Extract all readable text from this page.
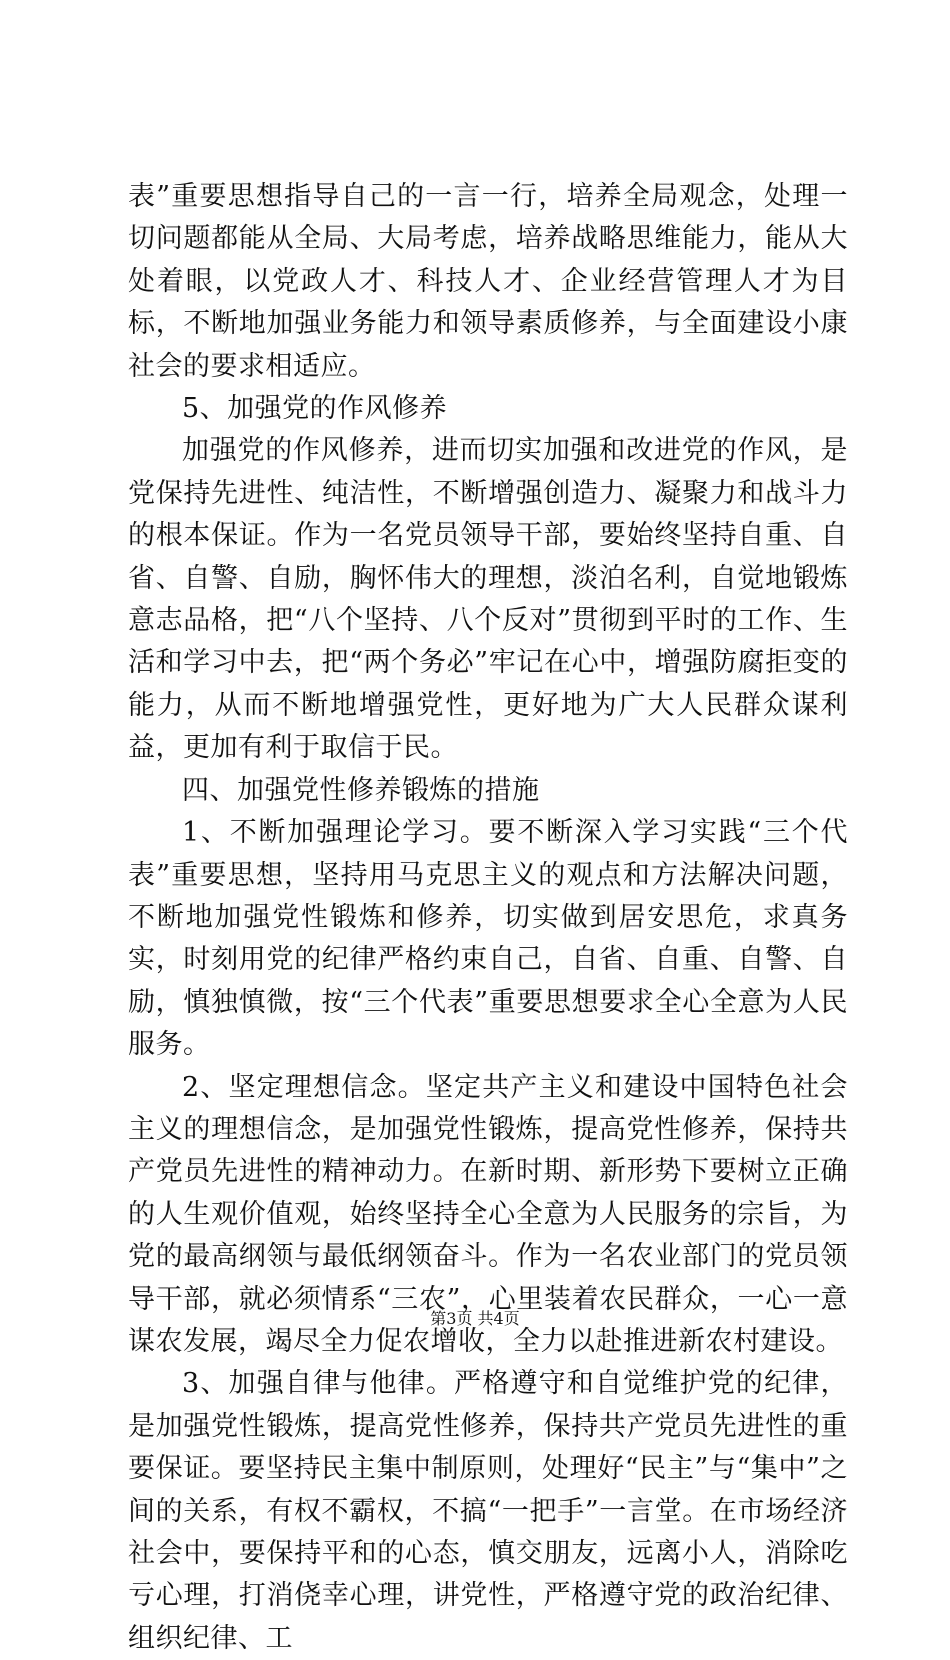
表”重要思想指导自己的一言一行，培养全局观念，处理一切问题都能从全局、大局考虑，培养战略思维能力，能从大处着眼，以党政人才、科技人才、企业经营管理人才为目标，不断地加强业务能力和领导素质修养，与全面建设小康社会的要求相适应。

5、加强党的作风修养

加强党的作风修养，进而切实加强和改进党的作风，是党保持先进性、纯洁性，不断增强创造力、凝聚力和战斗力的根本保证。作为一名党员领导干部，要始终坚持自重、自省、自警、自励，胸怀伟大的理想，淡泊名利，自觉地锻炼意志品格，把“八个坚持、八个反对”贯彻到平时的工作、生活和学习中去，把“两个务必”牢记在心中，增强防腐拒变的能力，从而不断地增强党性，更好地为广大人民群众谋利益，更加有利于取信于民。

四、加强党性修养锻炼的措施

1、不断加强理论学习。要不断深入学习实践“三个代表”重要思想，坚持用马克思主义的观点和方法解决问题，不断地加强党性锻炼和修养，切实做到居安思危，求真务实，时刻用党的纪律严格约束自己，自省、自重、自警、自励，慎独慎微，按“三个代表”重要思想要求全心全意为人民服务。

2、坚定理想信念。坚定共产主义和建设中国特色社会主义的理想信念，是加强党性锻炼，提高党性修养，保持共产党员先进性的精神动力。在新时期、新形势下要树立正确的人生观价值观，始终坚持全心全意为人民服务的宗旨，为党的最高纲领与最低纲领奋斗。作为一名农业部门的党员领导干部，就必须情系“三农”，心里装着农民群众，一心一意谋农发展，竭尽全力促农增收，全力以赴推进新农村建设。

3、加强自律与他律。严格遵守和自觉维护党的纪律，是加强党性锻炼，提高党性修养，保持共产党员先进性的重要保证。要坚持民主集中制原则，处理好“民主”与“集中”之间的关系，有权不霸权，不搞“一把手”一言堂。在市场经济社会中，要保持平和的心态，慎交朋友，远离小人，消除吃亏心理，打消侥幸心理，讲党性，严格遵守党的政治纪律、组织纪律、工

第3页 共4页
